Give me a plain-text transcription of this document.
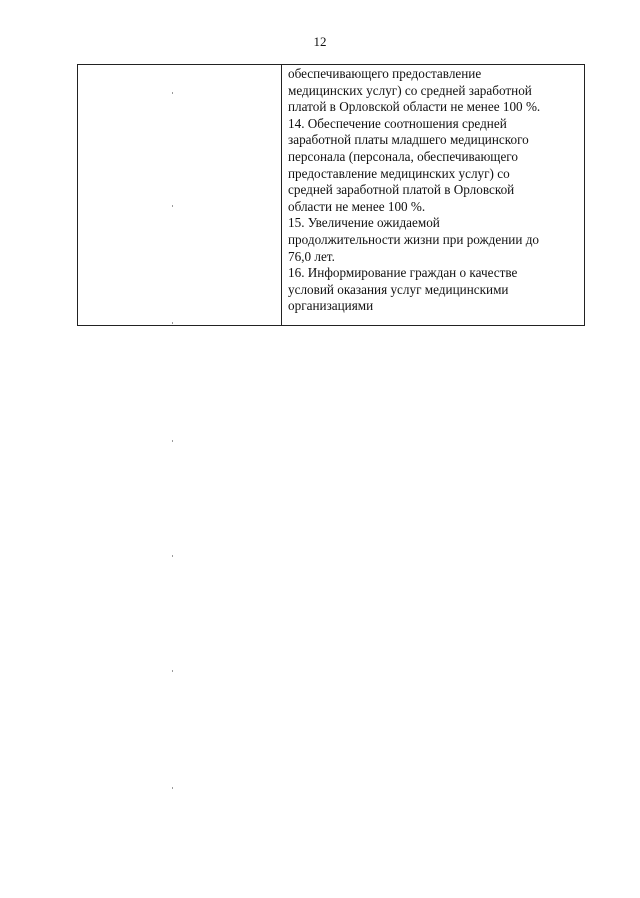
12
обеспечивающего предоставление
медицинских услуг) со средней заработной
платой в Орловской области не менее 100 %.
14. Обеспечение соотношения средней
заработной платы младшего медицинского
персонала (персонала, обеспечивающего
предоставление медицинских услуг) со
средней заработной платой в Орловской
области не менее 100 %.
15. Увеличение ожидаемой
продолжительности жизни при рождении до
76,0 лет.
16. Информирование граждан о качестве
условий оказания услуг медицинскими
организациями
